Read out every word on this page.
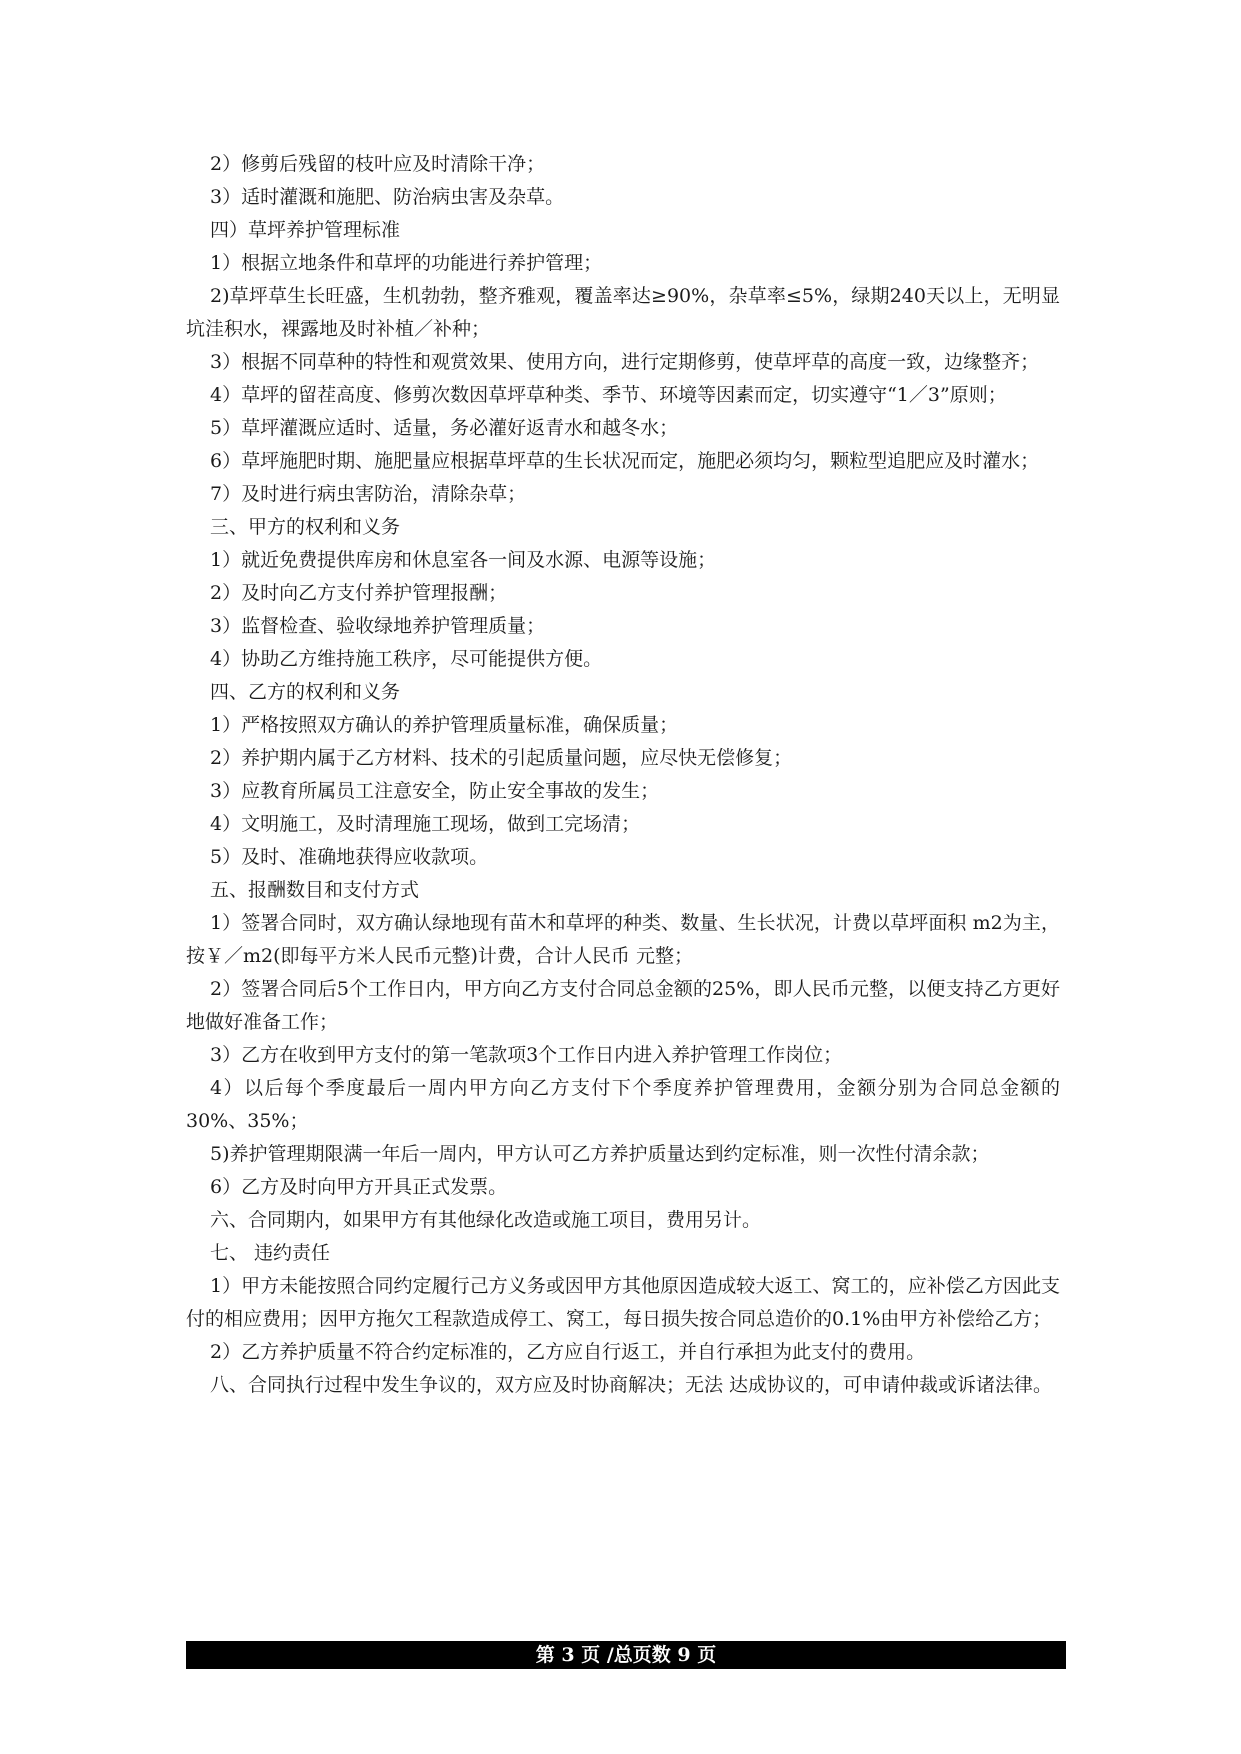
2）修剪后残留的枝叶应及时清除干净；

3）适时灌溉和施肥、防治病虫害及杂草。

四）草坪养护管理标准

1）根据立地条件和草坪的功能进行养护管理；

2)草坪草生长旺盛，生机勃勃，整齐雅观，覆盖率达≥90%，杂草率≤5%，绿期240天以上，无明显坑洼积水，裸露地及时补植／补种；

3）根据不同草种的特性和观赏效果、使用方向，进行定期修剪，使草坪草的高度一致，边缘整齐；

4）草坪的留茬高度、修剪次数因草坪草种类、季节、环境等因素而定，切实遵守“1／3”原则；

5）草坪灌溉应适时、适量，务必灌好返青水和越冬水；

6）草坪施肥时期、施肥量应根据草坪草的生长状况而定，施肥必须均匀，颗粒型追肥应及时灌水；

7）及时进行病虫害防治，清除杂草；

三、甲方的权利和义务

1）就近免费提供库房和休息室各一间及水源、电源等设施；

2）及时向乙方支付养护管理报酬；

3）监督检查、验收绿地养护管理质量；

4）协助乙方维持施工秩序，尽可能提供方便。

四、乙方的权利和义务

1）严格按照双方确认的养护管理质量标准，确保质量；

2）养护期内属于乙方材料、技术的引起质量问题，应尽快无偿修复；

3）应教育所属员工注意安全，防止安全事故的发生；

4）文明施工，及时清理施工现场，做到工完场清；

5）及时、准确地获得应收款项。

五、报酬数目和支付方式

1）签署合同时，双方确认绿地现有苗木和草坪的种类、数量、生长状况，计费以草坪面积 m2为主，按￥／m2(即每平方米人民币元整)计费，合计人民币 元整；

2）签署合同后5个工作日内，甲方向乙方支付合同总金额的25%，即人民币元整，以便支持乙方更好地做好准备工作；

3）乙方在收到甲方支付的第一笔款项3个工作日内进入养护管理工作岗位；

4）以后每个季度最后一周内甲方向乙方支付下个季度养护管理费用，金额分别为合同总金额的30%、35%；

5)养护管理期限满一年后一周内，甲方认可乙方养护质量达到约定标准，则一次性付清余款；

6）乙方及时向甲方开具正式发票。

六、合同期内，如果甲方有其他绿化改造或施工项目，费用另计。

七、 违约责任

1）甲方未能按照合同约定履行己方义务或因甲方其他原因造成较大返工、窝工的，应补偿乙方因此支付的相应费用；因甲方拖欠工程款造成停工、窝工，每日损失按合同总造价的0.1%由甲方补偿给乙方；

2）乙方养护质量不符合约定标准的，乙方应自行返工，并自行承担为此支付的费用。

八、合同执行过程中发生争议的，双方应及时协商解决；无法 达成协议的，可申请仲裁或诉诸法律。

第 3 页 /总页数 9 页
